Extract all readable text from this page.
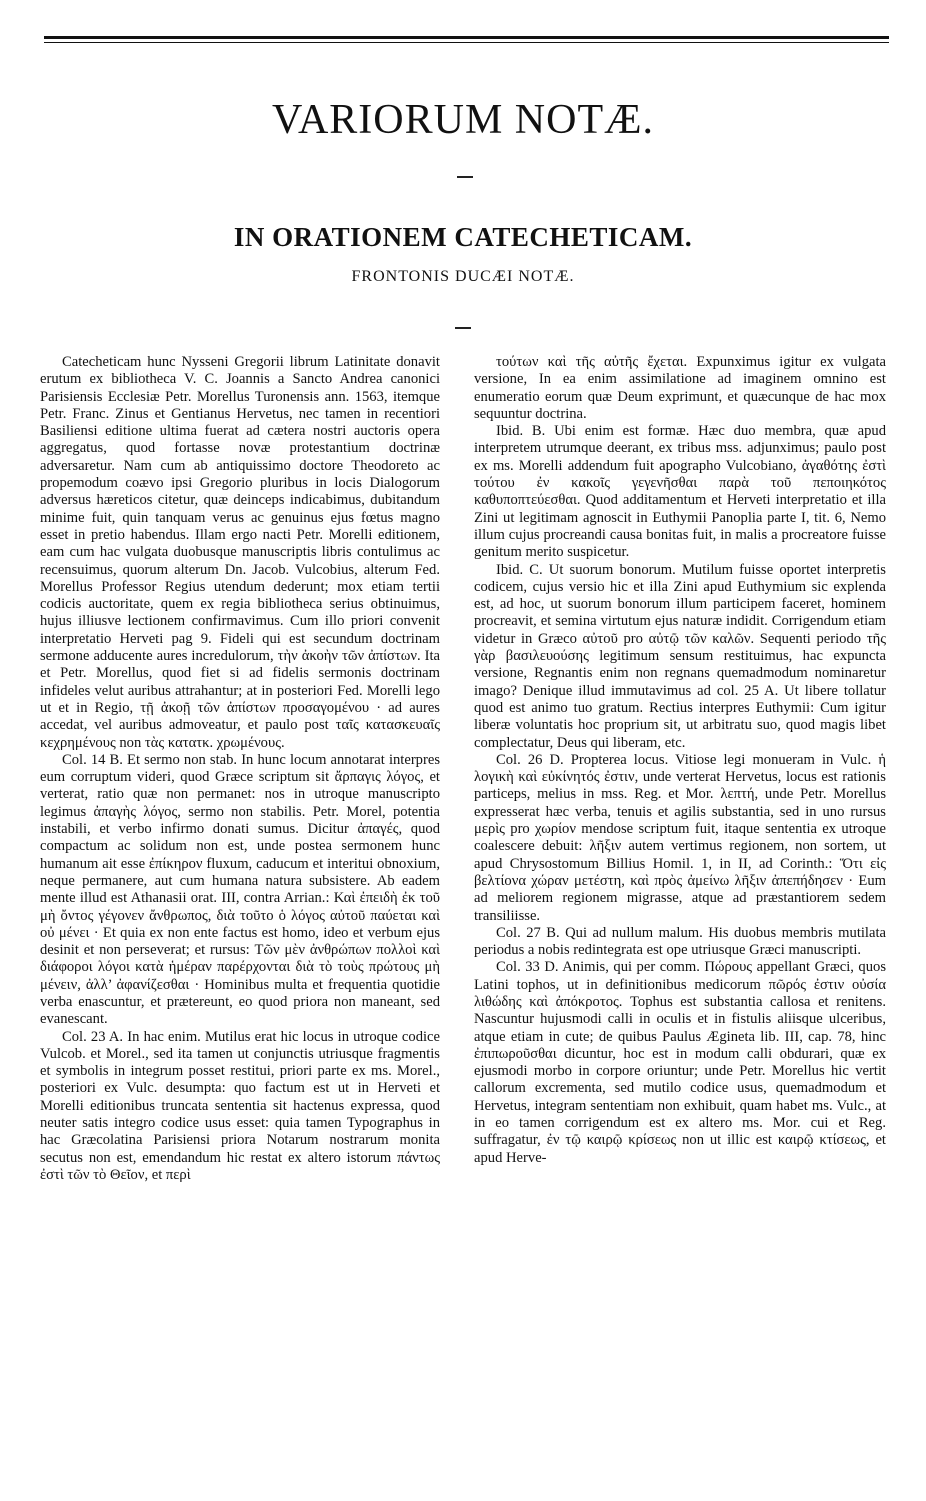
VARIORUM NOTÆ.
IN ORATIONEM CATECHETICAM.
FRONTONIS DUCÆI NOTÆ.

Catecheticam hunc Nysseni Gregorii librum Latinitate donavit erutum ex bibliotheca V. C. Joannis a Sancto Andrea canonici Parisiensis Ecclesiæ Petr. Morellus Turonensis ann. 1563, itemque Petr. Franc. Zinus et Gentianus Hervetus, nec tamen in recentiori Basiliensi editione ultima fuerat ad cætera nostri auctoris opera aggregatus, quod fortasse novæ protestantium doctrinæ adversaretur. Nam cum ab antiquissimo doctore Theodoreto ac propemodum coævo ipsi Gregorio pluribus in locis Dialogorum adversus hæreticos citetur, quæ deinceps indicabimus, dubitandum minime fuit, quin tanquam verus ac genuinus ejus fœtus magno esset in pretio habendus. Illam ergo nacti Petr. Morelli editionem, eam cum hac vulgata duobusque manuscriptis libris contulimus ac recensuimus, quorum alterum Dn. Jacob. Vulcobius, alterum Fed. Morellus Professor Regius utendum dederunt; mox etiam tertii codicis auctoritate, quem ex regia bibliotheca serius obtinuimus, hujus illiusve lectionem confirmavimus. Cum illo priori convenit interpretatio Herveti pag 9. Fideli qui est secundum doctrinam sermone adducente aures incredulorum, τὴν ἀκοὴν τῶν ἀπίστων. Ita et Petr. Morellus, quod fiet si ad fidelis sermonis doctrinam infideles velut auribus attrahantur; at in posteriori Fed. Morelli lego ut et in Regio, τῇ ἀκοῇ τῶν ἀπίστων προσαγομένου · ad aures accedat, vel auribus admoveatur, et paulo post ταῖς κατασκευαῖς κεχρημένους non τὰς κατατκ. χρωμένους.

Col. 14 B. Et sermo non stab. In hunc locum annotarat interpres eum corruptum videri, quod Græce scriptum sit ἄρπαγις λόγος, et verterat, ratio quæ non permanet: nos in utroque manuscripto legimus ἀπαγὴς λόγος, sermo non stabilis. Petr. Morel, potentia instabili, et verbo infirmo donati sumus. Dicitur ἀπαγές, quod compactum ac solidum non est, unde postea sermonem hunc humanum ait esse ἐπίκηρον fluxum, caducum et interitui obnoxium, neque permanere, aut cum humana natura subsistere. Ab eadem mente illud est Athanasii orat. III, contra Arrian.: Καὶ ἐπειδὴ ἐκ τοῦ μὴ ὄντος γέγονεν ἄνθρωπος, διὰ τοῦτο ὁ λόγος αὐτοῦ παύεται καὶ οὐ μένει · Et quia ex non ente factus est homo, ideo et verbum ejus desinit et non perseverat; et rursus: Τῶν μὲν ἀνθρώπων πολλοὶ καὶ διάφοροι λόγοι κατὰ ἡμέραν παρέρχονται διὰ τὸ τοὺς πρώτους μὴ μένειν, ἀλλ’ ἀφανίζεσθαι · Hominibus multa et frequentia quotidie verba enascuntur, et prætereunt, eo quod priora non maneant, sed evanescant.

Col. 23 A. In hac enim. Mutilus erat hic locus in utroque codice Vulcob. et Morel., sed ita tamen ut conjunctis utriusque fragmentis et symbolis in integrum posset restitui, priori parte ex ms. Morel., posteriori ex Vulc. desumpta: quo factum est ut in Herveti et Morelli editionibus truncata sententia sit hactenus expressa, quod neuter satis integro codice usus esset: quia tamen Typographus in hac Græcolatina Parisiensi priora Notarum nostrarum monita secutus non est, emendandum hic restat ex altero istorum πάντως ἐστὶ τῶν τὸ Θεῖον, et περὶ

τούτων καὶ τῆς αὐτῆς ἔχεται. Expunximus igitur ex vulgata versione, In ea enim assimilatione ad imaginem omnino est enumeratio eorum quæ Deum exprimunt, et quæcunque de hac mox sequuntur doctrina.

Ibid. B. Ubi enim est formæ. Hæc duo membra, quæ apud interpretem utrumque deerant, ex tribus mss. adjunximus; paulo post ex ms. Morelli addendum fuit apographo Vulcobiano, ἀγαθότης ἐστὶ τούτου ἐν κακοῖς γεγενῆσθαι παρὰ τοῦ πεποιηκότος καθυποπτεύεσθαι. Quod additamentum et Herveti interpretatio et illa Zini ut legitimam agnoscit in Euthymii Panoplia parte I, tit. 6, Nemo illum cujus procreandi causa bonitas fuit, in malis a procreatore fuisse genitum merito suspicetur.

Ibid. C. Ut suorum bonorum. Mutilum fuisse oportet interpretis codicem, cujus versio hic et illa Zini apud Euthymium sic explenda est, ad hoc, ut suorum bonorum illum participem faceret, hominem procreavit, et semina virtutum ejus naturæ indidit. Corrigendum etiam videtur in Græco αὐτοῦ pro αὐτῷ τῶν καλῶν. Sequenti periodo τῆς γὰρ βασιλευούσης legitimum sensum restituimus, hac expuncta versione, Regnantis enim non regnans quemadmodum nominaretur imago? Denique illud immutavimus ad col. 25 A. Ut libere tollatur quod est animo tuo gratum. Rectius interpres Euthymii: Cum igitur liberæ voluntatis hoc proprium sit, ut arbitratu suo, quod magis libet complectatur, Deus qui liberam, etc.

Col. 26 D. Propterea locus. Vitiose legi monueram in Vulc. ἡ λογικὴ καὶ εὐκίνητός ἐστιν, unde verterat Hervetus, locus est rationis particeps, melius in mss. Reg. et Mor. λεπτή, unde Petr. Morellus expresserat hæc verba, tenuis et agilis substantia, sed in uno rursus μερὶς pro χωρίον mendose scriptum fuit, itaque sententia ex utroque coalescere debuit: λῆξιν autem vertimus regionem, non sortem, ut apud Chrysostomum Billius Homil. 1, in II, ad Corinth.: Ὅτι εἰς βελτίονα χώραν μετέστη, καὶ πρὸς ἀμείνω λῆξιν ἀπεπήδησεν · Eum ad meliorem regionem migrasse, atque ad præstantiorem sedem transiliisse.

Col. 27 B. Qui ad nullum malum. His duobus membris mutilata periodus a nobis redintegrata est ope utriusque Græci manuscripti.

Col. 33 D. Animis, qui per comm. Πώρους appellant Græci, quos Latini tophos, ut in definitionibus medicorum πῶρός ἐστιν οὐσία λιθώδης καὶ ἀπόκροτος. Tophus est substantia callosa et renitens. Nascuntur hujusmodi calli in oculis et in fistulis aliisque ulceribus, atque etiam in cute; de quibus Paulus Ægineta lib. III, cap. 78, hinc ἐπιπωροῦσθαι dicuntur, hoc est in modum calli obdurari, quæ ex ejusmodi morbo in corpore oriuntur; unde Petr. Morellus hic vertit callorum excrementa, sed mutilo codice usus, quemadmodum et Hervetus, integram sententiam non exhibuit, quam habet ms. Vulc., at in eo tamen corrigendum est ex altero ms. Mor. cui et Reg. suffragatur, ἐν τῷ καιρῷ κρίσεως non ut illic est καιρῷ κτίσεως, et apud Herve-
